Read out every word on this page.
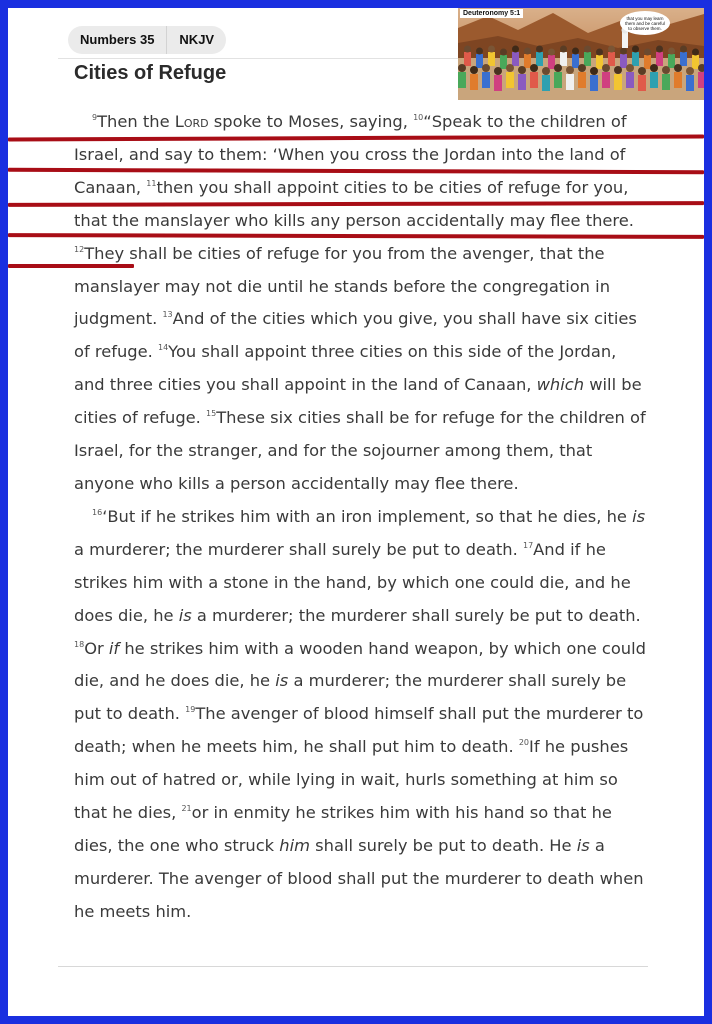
Numbers 35	NKJV
Cities of Refuge
Deuteronomy 5:1
that you may learn them and be careful to observe them.

$^9$Then the Lord spoke to Moses, saying, $^{10}$“Speak to the children of Israel, and say to them: ‘When you cross the Jordan into the land of Canaan, $^{11}$then you shall appoint cities to be cities of refuge for you, that the manslayer who kills any person accidentally may flee there. $^{12}$They shall be cities of refuge for you from the avenger, that the manslayer may not die until he stands before the congregation in judgment. $^{13}$And of the cities which you give, you shall have six cities of refuge. $^{14}$You shall appoint three cities on this side of the Jordan, and three cities you shall appoint in the land of Canaan, which will be cities of refuge. $^{15}$These six cities shall be for refuge for the children of Israel, for the stranger, and for the sojourner among them, that anyone who kills a person accidentally may flee there.

$^{16}$‘But if he strikes him with an iron implement, so that he dies, he is a murderer; the murderer shall surely be put to death. $^{17}$And if he strikes him with a stone in the hand, by which one could die, and he does die, he is a murderer; the murderer shall surely be put to death. $^{18}$Or if he strikes him with a wooden hand weapon, by which one could die, and he does die, he is a murderer; the murderer shall surely be put to death. $^{19}$The avenger of blood himself shall put the murderer to death; when he meets him, he shall put him to death. $^{20}$If he pushes him out of hatred or, while lying in wait, hurls something at him so that he dies, $^{21}$or in enmity he strikes him with his hand so that he dies, the one who struck him shall surely be put to death. He is a murderer. The avenger of blood shall put the murderer to death when he meets him.
